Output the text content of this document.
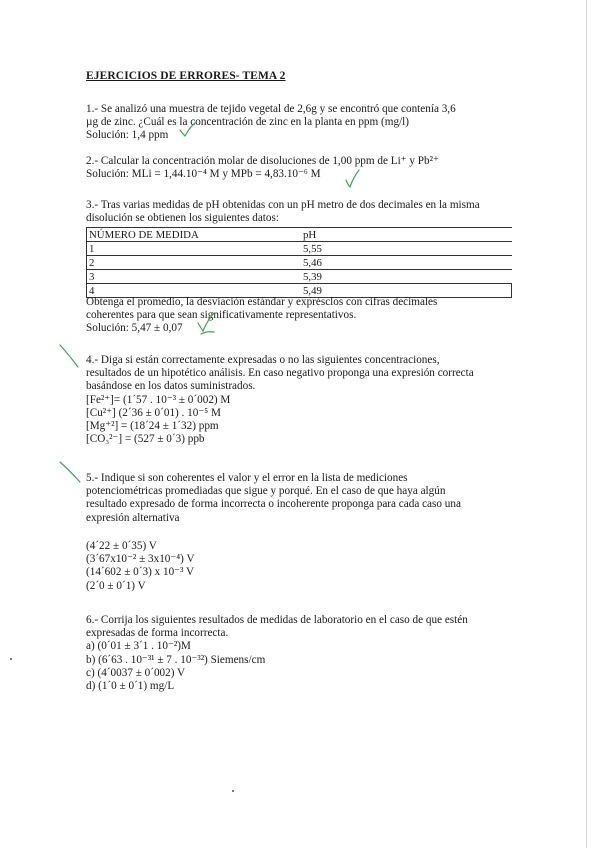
EJERCICIOS DE ERRORES- TEMA 2
1.- Se analizó una muestra de tejido vegetal de 2,6g y se encontró que contenía 3,6
µg de zinc. ¿Cuál es la concentración de zinc en la planta en ppm (mg/l)
Solución: 1,4 ppm
2.- Calcular la concentración molar de disoluciones de 1,00 ppm de Li⁺ y Pb²⁺
Solución: MLi = 1,44.10⁻⁴ M y MPb = 4,83.10⁻⁶ M
3.- Tras varias medidas de pH obtenidas con un pH metro de dos decimales en la misma
disolución se obtienen los siguientes datos:
NÚMERO DE MEDIDA	pH
1	5,55
2	5,46
3	5,39
4	5,49
Obtenga el promedio, la desviación estándar y exprésclos con cifras decimales
coherentes para que sean significativamente representativos.
Solución: 5,47 ± 0,07
4.- Diga si están correctamente expresadas o no las siguientes concentraciones,
resultados de un hipotético análisis. En caso negativo proponga una expresión correcta
basándose en los datos suministrados.
[Fe²⁺]= (1´57 . 10⁻³ ± 0´002) M
[Cu²⁺] (2´36 ± 0´01) . 10⁻⁵ M
[Mg⁺²] = (18´24 ± 1´32) ppm
[CO₃²⁻] = (527 ± 0´3) ppb
5.- Indique si son coherentes el valor y el error en la lista de mediciones
potenciométricas promediadas que sigue y porqué. En el caso de que haya algún
resultado expresado de forma incorrecta o incoherente proponga para cada caso una
expresión alternativa
(4´22 ± 0´35) V
(3´67x10⁻² ± 3x10⁻⁴) V
(14´602 ± 0´3) x 10⁻³ V
(2´0 ± 0´1) V
6.- Corrija los siguientes resultados de medidas de laboratorio en el caso de que estén
expresadas de forma incorrecta.
a) (0´01 ± 3´1 . 10⁻²)M
b) (6´63 . 10⁻³¹ ± 7 . 10⁻³²) Siemens/cm
c) (4´0037 ± 0´002) V
d) (1´0 ± 0´1) mg/L
